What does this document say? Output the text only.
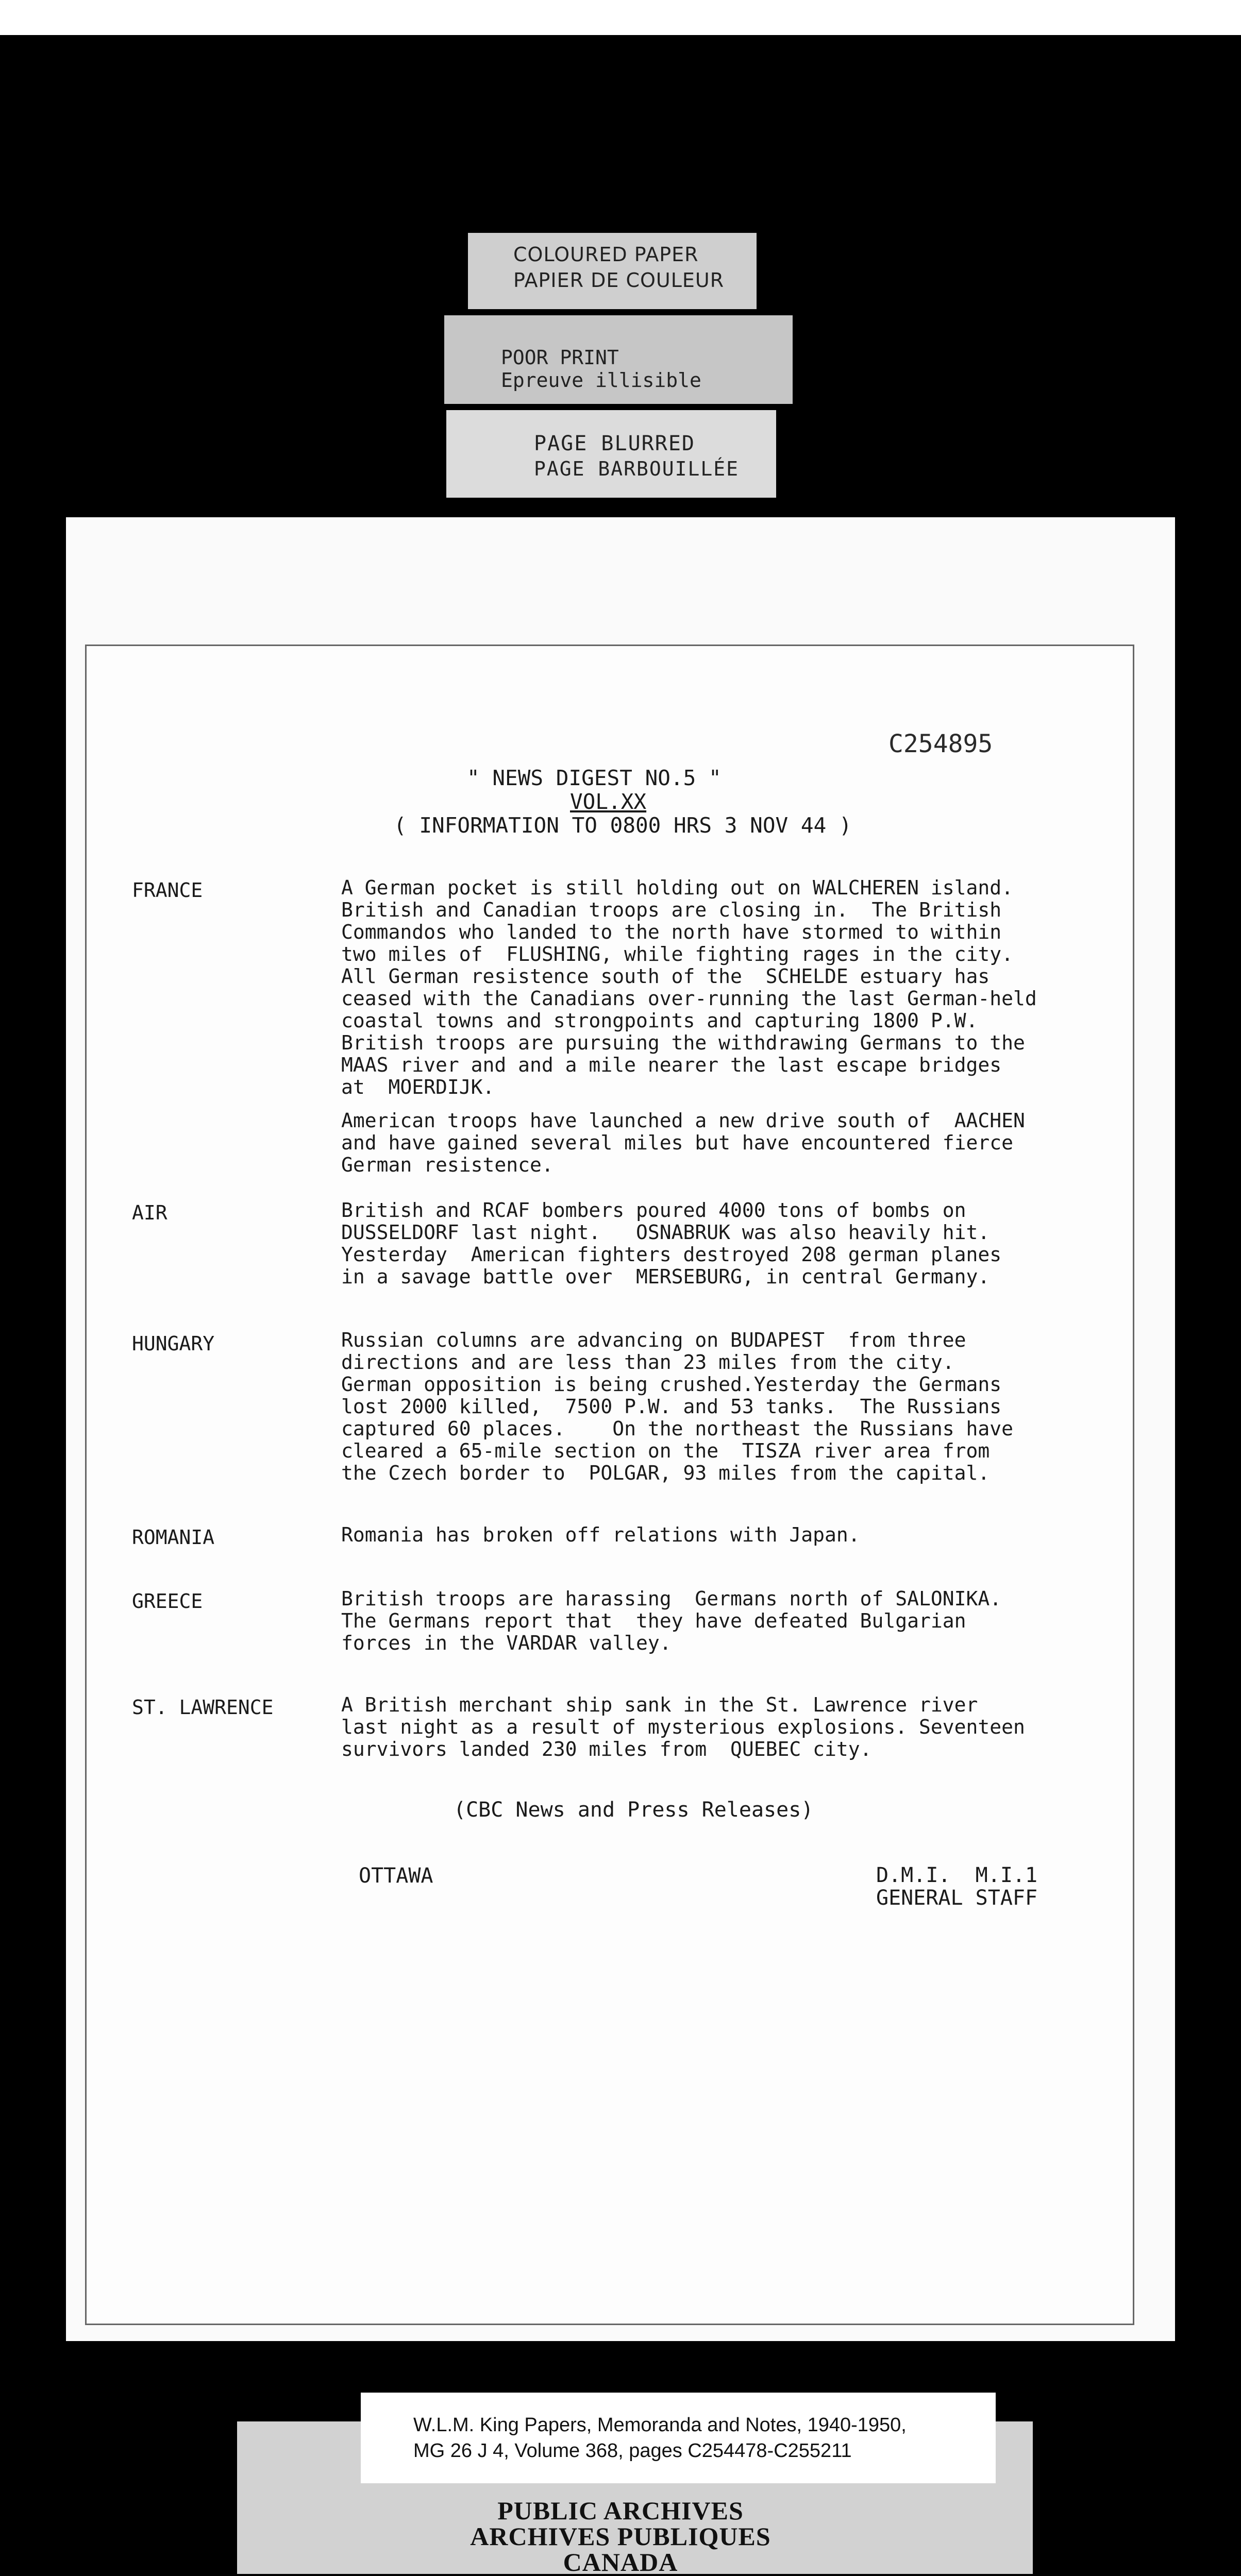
COLOURED PAPER
PAPIER DE COULEUR
POOR PRINT
Epreuve illisible
PAGE BLURRED
PAGE BARBOUILLÉE
C254895
" NEWS DIGEST NO.5 "
VOL.XX
( INFORMATION TO 0800 HRS 3 NOV 44 )
FRANCE	A German pocket is still holding out on WALCHEREN island.
British and Canadian troops are closing in.  The British
Commandos who landed to the north have stormed to within
two miles of  FLUSHING, while fighting rages in the city.
All German resistence south of the  SCHELDE estuary has
ceased with the Canadians over-running the last German-held
coastal towns and strongpoints and capturing 1800 P.W.
British troops are pursuing the withdrawing Germans to the
MAAS river and and a mile nearer the last escape bridges
at  MOERDIJK.
American troops have launched a new drive south of  AACHEN
and have gained several miles but have encountered fierce
German resistence.
AIR	British and RCAF bombers poured 4000 tons of bombs on
DUSSELDORF last night.   OSNABRUK was also heavily hit.
Yesterday  American fighters destroyed 208 german planes
in a savage battle over  MERSEBURG, in central Germany.
HUNGARY	Russian columns are advancing on BUDAPEST  from three
directions and are less than 23 miles from the city.
German opposition is being crushed.Yesterday the Germans
lost 2000 killed,  7500 P.W. and 53 tanks.  The Russians
captured 60 places.    On the northeast the Russians have
cleared a 65-mile section on the  TISZA river area from
the Czech border to  POLGAR, 93 miles from the capital.
ROMANIA	Romania has broken off relations with Japan.
GREECE	British troops are harassing  Germans north of SALONIKA.
The Germans report that  they have defeated Bulgarian
forces in the VARDAR valley.
ST. LAWRENCE	A British merchant ship sank in the St. Lawrence river
last night as a result of mysterious explosions. Seventeen
survivors landed 230 miles from  QUEBEC city.
(CBC News and Press Releases)
OTTAWA	D.M.I.  M.I.1
GENERAL STAFF
W.L.M. King Papers, Memoranda and Notes, 1940-1950,
MG 26 J 4, Volume 368, pages C254478-C255211
PUBLIC ARCHIVES
ARCHIVES PUBLIQUES
CANADA
